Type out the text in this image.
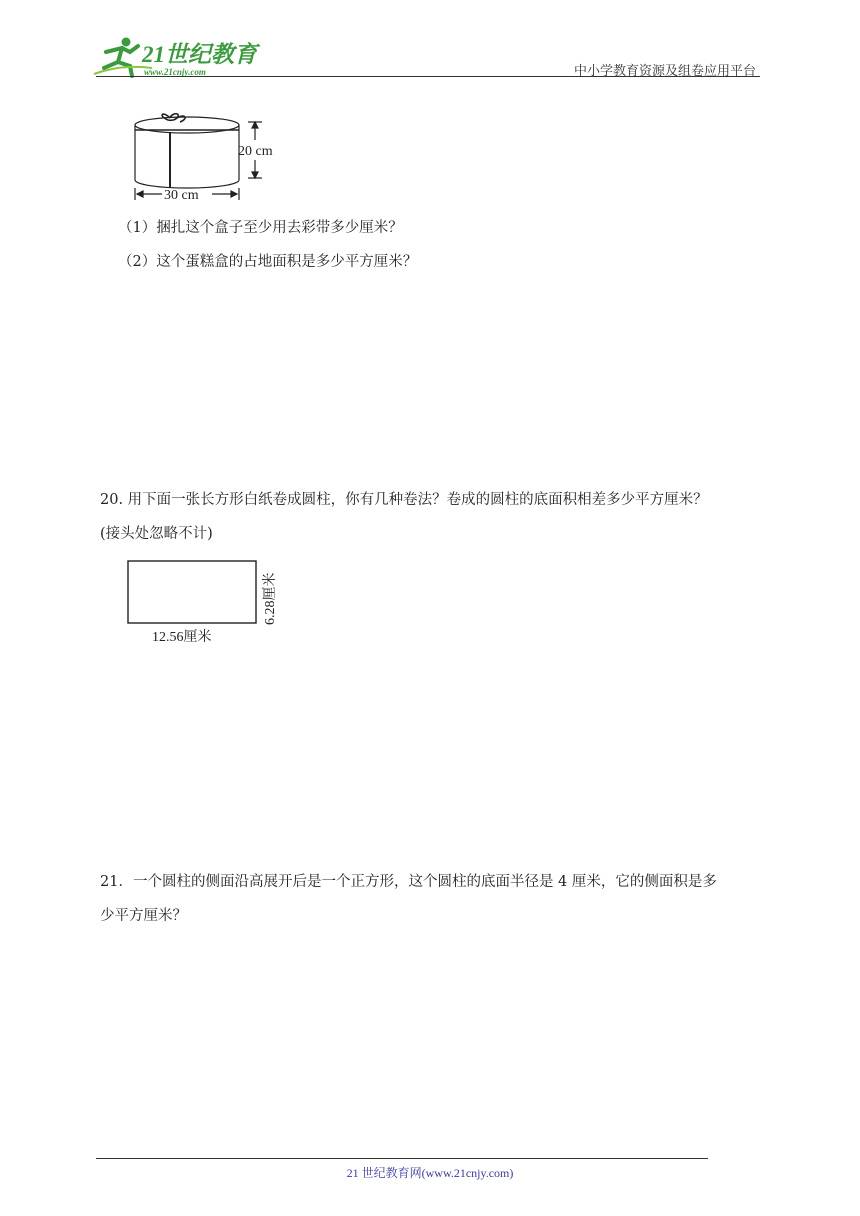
21世纪教育
www.21cnjy.com	中小学教育资源及组卷应用平台
20 cm
30 cm
（1）捆扎这个盒子至少用去彩带多少厘米？
（2）这个蛋糕盒的占地面积是多少平方厘米？
20. 用下面一张长方形白纸卷成圆柱，你有几种卷法？卷成的圆柱的底面积相差多少平方厘米？
(接头处忽略不计)
12.56厘米
6.28厘米
21．一个圆柱的侧面沿高展开后是一个正方形，这个圆柱的底面半径是 4 厘米，它的侧面积是多
少平方厘米？
21 世纪教育网(www.21cnjy.com)
